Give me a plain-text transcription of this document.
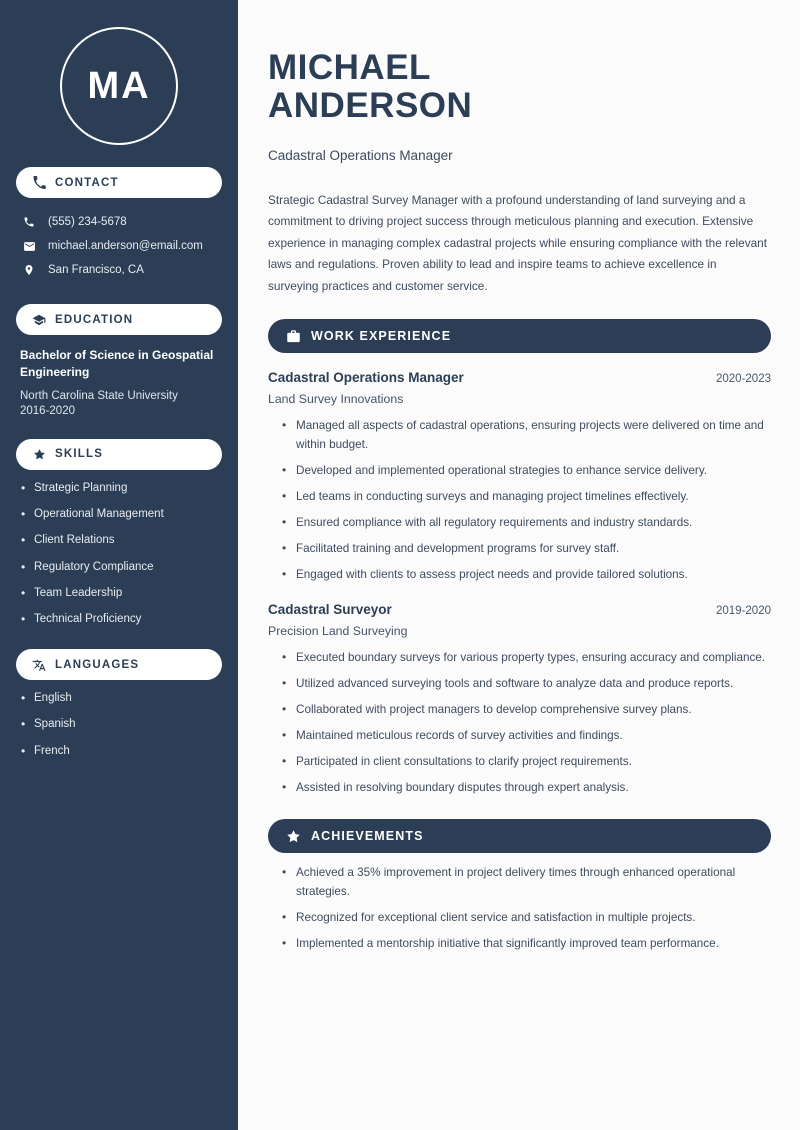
MA
CONTACT
(555) 234-5678
michael.anderson@email.com
San Francisco, CA
EDUCATION
Bachelor of Science in Geospatial Engineering
North Carolina State University
2016-2020
SKILLS
• Strategic Planning
• Operational Management
• Client Relations
• Regulatory Compliance
• Team Leadership
• Technical Proficiency
LANGUAGES
• English
• Spanish
• French
MICHAEL
ANDERSON
Cadastral Operations Manager

Strategic Cadastral Survey Manager with a profound understanding of land surveying and a commitment to driving project success through meticulous planning and execution. Extensive experience in managing complex cadastral projects while ensuring compliance with the relevant laws and regulations. Proven ability to lead and inspire teams to achieve excellence in surveying practices and customer service.

WORK EXPERIENCE
Cadastral Operations Manager	2020-2023
Land Survey Innovations
• Managed all aspects of cadastral operations, ensuring projects were delivered on time and within budget.
• Developed and implemented operational strategies to enhance service delivery.
• Led teams in conducting surveys and managing project timelines effectively.
• Ensured compliance with all regulatory requirements and industry standards.
• Facilitated training and development programs for survey staff.
• Engaged with clients to assess project needs and provide tailored solutions.
Cadastral Surveyor	2019-2020
Precision Land Surveying
• Executed boundary surveys for various property types, ensuring accuracy and compliance.
• Utilized advanced surveying tools and software to analyze data and produce reports.
• Collaborated with project managers to develop comprehensive survey plans.
• Maintained meticulous records of survey activities and findings.
• Participated in client consultations to clarify project requirements.
• Assisted in resolving boundary disputes through expert analysis.
ACHIEVEMENTS
• Achieved a 35% improvement in project delivery times through enhanced operational strategies.
• Recognized for exceptional client service and satisfaction in multiple projects.
• Implemented a mentorship initiative that significantly improved team performance.
